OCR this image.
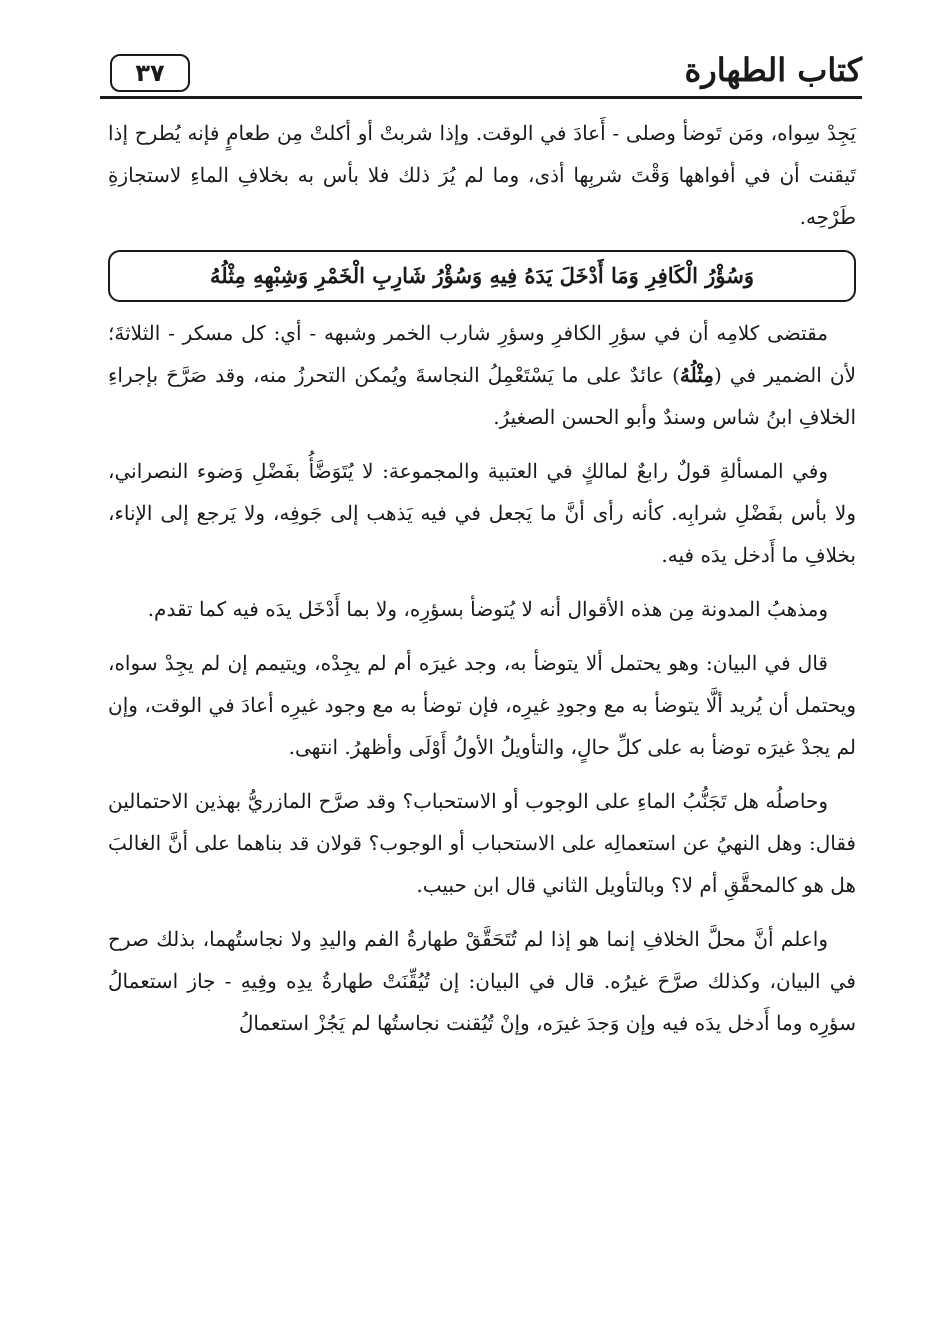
٣٧	كتاب الطهارة

يَجِدْ سِواه، ومَن تَوضأ وصلى - أَعادَ في الوقت. وإذا شربتْ أو أكلتْ مِن طعامٍ فإنه يُطرح إذا تَيقنت أن في أفواهها وَقْتَ شربِها أذى، وما لم يُرَ ذلك فلا بأس به بخلافِ الماءِ لاستجازةِ طَرْحِه.

وَسُؤْرُ الْكَافِرِ وَمَا أَدْخَلَ يَدَهُ فِيهِ وَسُؤْرُ شَارِبِ الْخَمْرِ وَشِبْهِهِ مِثْلُهُ

مقتضى كلامِه أن في سؤرِ الكافرِ وسؤرِ شارب الخمر وشبهه - أي: كل مسكر - الثلاثةَ؛ لأن الضمير في (مِثْلُهُ) عائدٌ على ما يَسْتَعْمِلُ النجاسةَ ويُمكن التحرزُ منه، وقد صَرَّحَ بإجراءِ الخلافِ ابنُ شاس وسندٌ وأبو الحسن الصغيرُ.

وفي المسألةِ قولٌ رابعٌ لمالكٍ في العتبية والمجموعة: لا يُتَوَضَّأُ بفَضْلِ وَضوء النصراني، ولا بأس بفَضْلِ شرابِه. كأنه رأى أنَّ ما يَجعل في فيه يَذهب إلى جَوفِه، ولا يَرجع إلى الإناء، بخلافِ ما أَدخل يدَه فيه.

ومذهبُ المدونة مِن هذه الأقوال أنه لا يُتوضأ بسؤرِه، ولا بما أَدْخَل يدَه فيه كما تقدم.

قال في البيان: وهو يحتمل ألا يتوضأ به، وجد غيرَه أم لم يجِدْه، ويتيمم إن لم يجِدْ سواه، ويحتمل أن يُريد ألَّا يتوضأ به مع وجودِ غيرِه، فإن توضأ به مع وجود غيرِه أعادَ في الوقت، وإن لم يجدْ غيرَه توضأ به على كلِّ حالٍ، والتأويلُ الأولُ أَوْلَى وأظهرُ. انتهى.

وحاصلُه هل تَجَنُّبُ الماءِ على الوجوب أو الاستحباب؟ وقد صرَّح المازريُّ بهذين الاحتمالين فقال: وهل النهيُ عن استعمالِه على الاستحباب أو الوجوب؟ قولان قد بناهما على أنَّ الغالبَ هل هو كالمحقَّقِ أم لا؟ وبالتأويل الثاني قال ابن حبيب.

واعلم أنَّ محلَّ الخلافِ إنما هو إذا لم تُتَحَقَّقْ طهارةُ الفم واليدِ ولا نجاستُهما، بذلك صرح في البيان، وكذلك صرَّحَ غيرُه. قال في البيان: إن تُيُقِّنَتْ طهارةُ يدِه وفِيهِ - جاز استعمالُ سؤرِه وما أَدخل يدَه فيه وإن وَجدَ غيرَه، وإنْ تُيُقنت نجاستُها لم يَجُزْ استعمالُ
